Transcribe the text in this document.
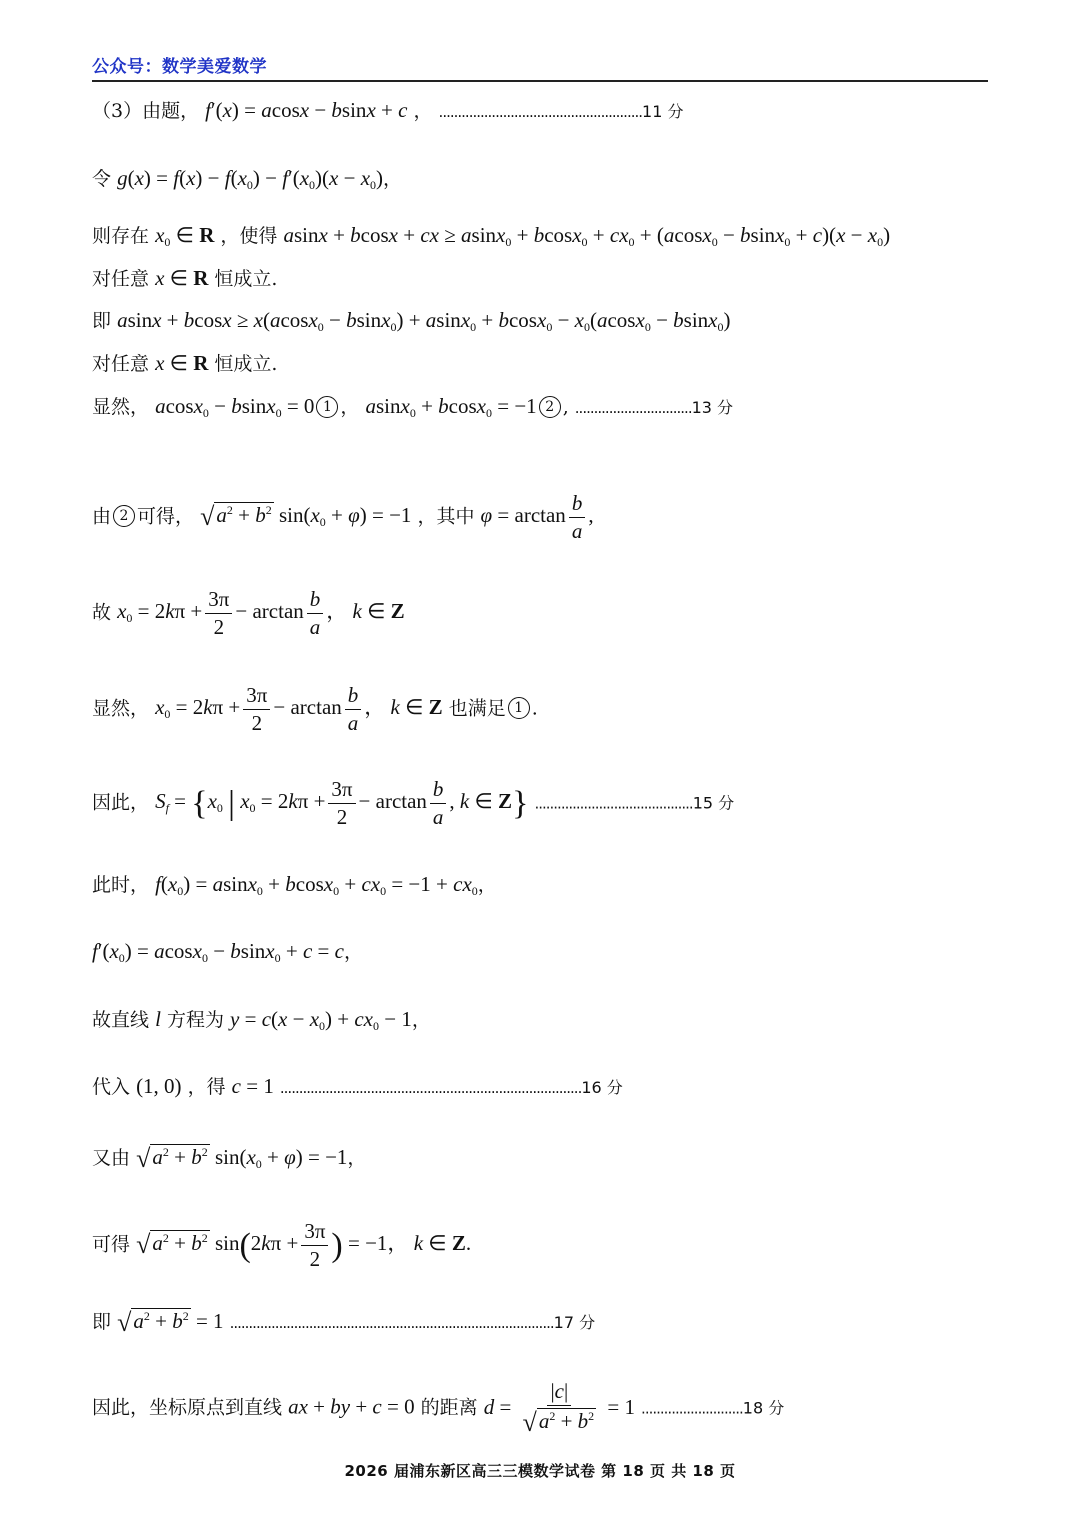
公众号：数学美爱数学
（3）由题， f′(x) = acosx − bsinx + c ， ......................................................11 分
令 $g(x) = f(x) - f(x_0) - f'(x_0)(x - x_0)$，
则存在 $x_0$ ∈ R ，使得 asinx + bcosx + cx ≥ $asinx_0 + bcosx_0 + cx_0 + (acosx_0 - bsinx_0 + c)(x - x_0)$
对任意 x ∈ R 恒成立.
即 $asinx + bcosx \ge x(acosx_0 - bsinx_0) + asinx_0 + bcosx_0 - x_0(acosx_0 - bsinx_0)$
对任意 x ∈ R 恒成立.
显然， acosx$_0$ − bsinx$_0$ = 0 1 ， asinx$_0$ + bcosx$_0$ = −1 2 , ...............................13 分
由 2 可得， $√a^2 + b^2$ $\sin(x_0 + \varphi) = -1$ ，其中 $\varphi = \arctan \frac{b}{a}$ ,
故 $x_0 = 2k\pi + \frac{3\pi}{2} - \arctan \frac{b}{a}$ ， k ∈ Z
显然， $x_0 = 2k\pi + \frac{3\pi}{2} - \arctan \frac{b}{a}$ ， k ∈ Z 也满足 1 .
因此， $S_f = \{x_0$ | $x_0 = 2k\pi + \frac{3\pi}{2} - \arctan \frac{b}{a}$ , k ∈ Z} ..........................................15 分
此时， $f(x_0) = asinx_0 + bcosx_0 + cx_0 = -1 + cx_0$，
$f'(x_0) = acosx_0 - bsinx_0 + c = c$，
故直线 l 方程为 $y = c(x - x_0) + cx_0 - 1$，
代入 (1, 0) ，得 c = 1 ................................................................................16 分
又由 $√a^2 + b^2$ $\sin(x_0 + \varphi) = -1$，
可得 $√a^2 + b^2$ $\sin(2k\pi + \frac{3\pi}{2}$ ) = −1， k ∈ Z.
即 $√a^2 + b^2 = 1$ ......................................................................................17 分
因此，坐标原点到直线 ax + by + c = 0 的距离 $d = \frac{|c|}{√a^2 + b^2} = 1$ ...........................18 分
2026 届浦东新区高三三模数学试卷 第 18 页 共 18 页
